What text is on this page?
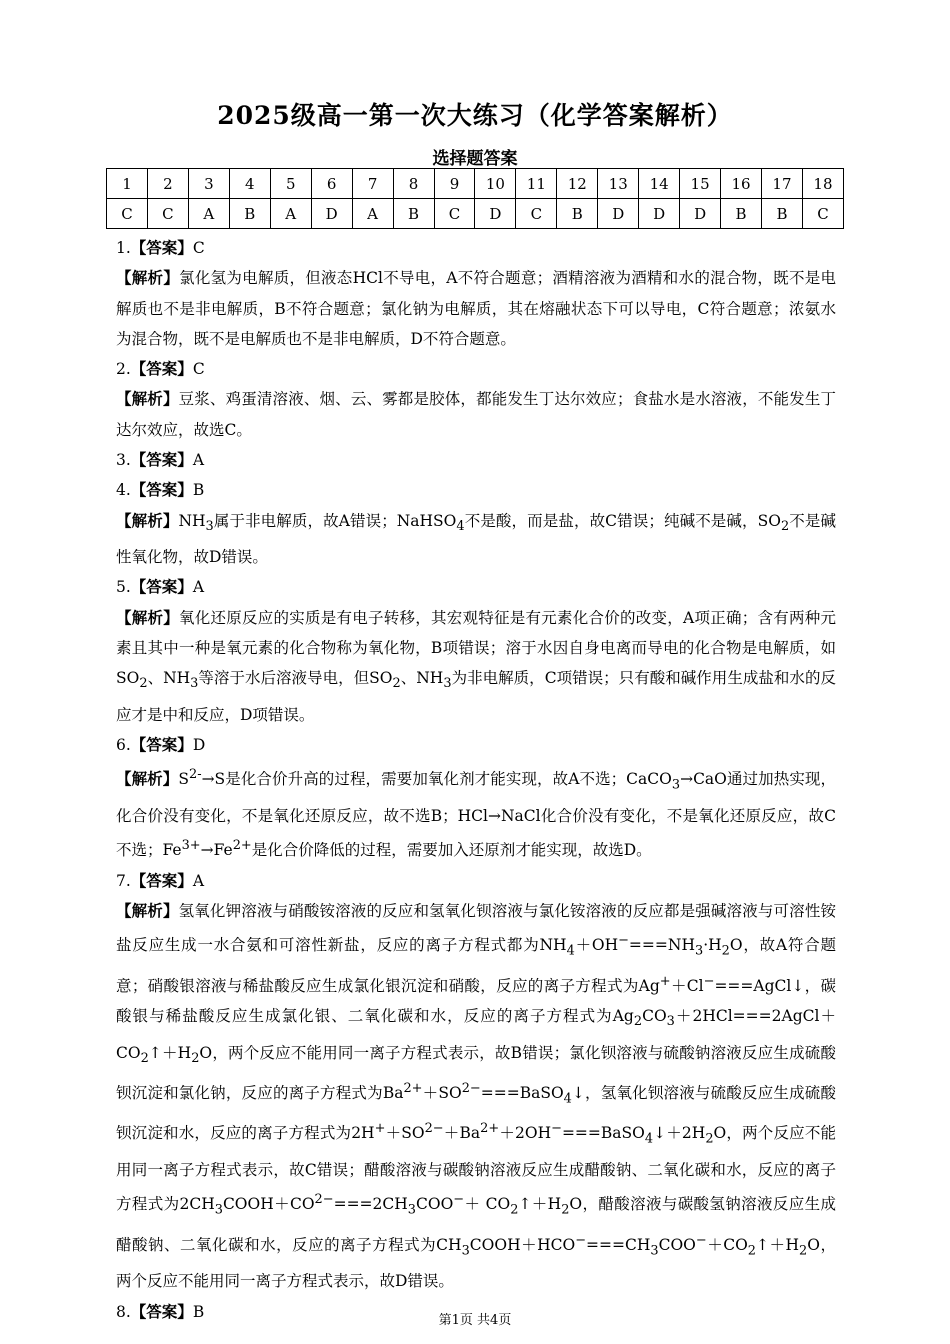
2025级高一第一次大练习（化学答案解析）
选择题答案
1	2	3	4	5	6	7	8	9	10	11	12	13	14	15	16	17	18
C	C	A	B	A	D	A	B	C	D	C	B	D	D	D	B	B	C

1.【答案】C

【解析】氯化氢为电解质，但液态HCl不导电，A不符合题意；酒精溶液为酒精和水的混合物，既不是电解质也不是非电解质，B不符合题意；氯化钠为电解质，其在熔融状态下可以导电，C符合题意；浓氨水为混合物，既不是电解质也不是非电解质，D不符合题意。

2.【答案】C

【解析】豆浆、鸡蛋清溶液、烟、云、雾都是胶体，都能发生丁达尔效应；食盐水是水溶液，不能发生丁达尔效应，故选C。

3.【答案】A

4.【答案】B

【解析】$NH_3$属于非电解质，故A错误；NaHSO$_4$不是酸，而是盐，故C错误；纯碱不是碱，$SO_2$不是碱性氧化物，故D错误。

5.【答案】A

【解析】氧化还原反应的实质是有电子转移，其宏观特征是有元素化合价的改变，A项正确；含有两种元素且其中一种是氧元素的化合物称为氧化物，B项错误；溶于水因自身电离而导电的化合物是电解质，如$SO_2$、$NH_3$等溶于水后溶液导电，但$SO_2$、$NH_3$为非电解质，C项错误；只有酸和碱作用生成盐和水的反应才是中和反应，D项错误。

6.【答案】D

【解析】$S^{2-}\to S$是化合价升高的过程，需要加氧化剂才能实现，故A不选；CaCO$_3$→CaO通过加热实现，化合价没有变化，不是氧化还原反应，故不选B；HCl→NaCl化合价没有变化，不是氧化还原反应，故C不选；$Fe^{3+}\to Fe^{2+}$是化合价降低的过程，需要加入还原剂才能实现，故选D。

7.【答案】A

【解析】氢氧化钾溶液与硝酸铵溶液的反应和氢氧化钡溶液与氯化铵溶液的反应都是强碱溶液与可溶性铵盐反应生成一水合氨和可溶性新盐，反应的离子方程式都为$NH_4+OH^-===NH_3\cdot H_2O$，故A符合题意；硝酸银溶液与稀盐酸反应生成氯化银沉淀和硝酸，反应的离子方程式为Ag+＋Cl−===AgCl↓，碳酸银与稀盐酸反应生成氯化银、二氧化碳和水，反应的离子方程式为$Ag_2CO_3+2HCl===2AgCl+CO_2↑+H_2O$，两个反应不能用同一离子方程式表示，故B错误；氯化钡溶液与硫酸钠溶液反应生成硫酸钡沉淀和氯化钠，反应的离子方程式为$Ba^{2+}+SO^{2-}===BaSO_4↓$，氢氧化钡溶液与硫酸反应生成硫酸钡沉淀和水，反应的离子方程式为$2H^++SO^{2-}+Ba^{2+}+2OH^-===BaSO_4↓+2H_2O$，两个反应不能用同一离子方程式表示，故C错误；醋酸溶液与碳酸钠溶液反应生成醋酸钠、二氧化碳和水，反应的离子方程式为$2CH_3COOH+CO^{2-}===2CH_3COO^-+$ $CO_2↑+H_2O$，醋酸溶液与碳酸氢钠溶液反应生成醋酸钠、二氧化碳和水，反应的离子方程式为$CH_3COOH+HCO^-===CH_3COO^-+CO_2↑+H_2O$，两个反应不能用同一离子方程式表示，故D错误。

8.【答案】B	第1页 共4页
